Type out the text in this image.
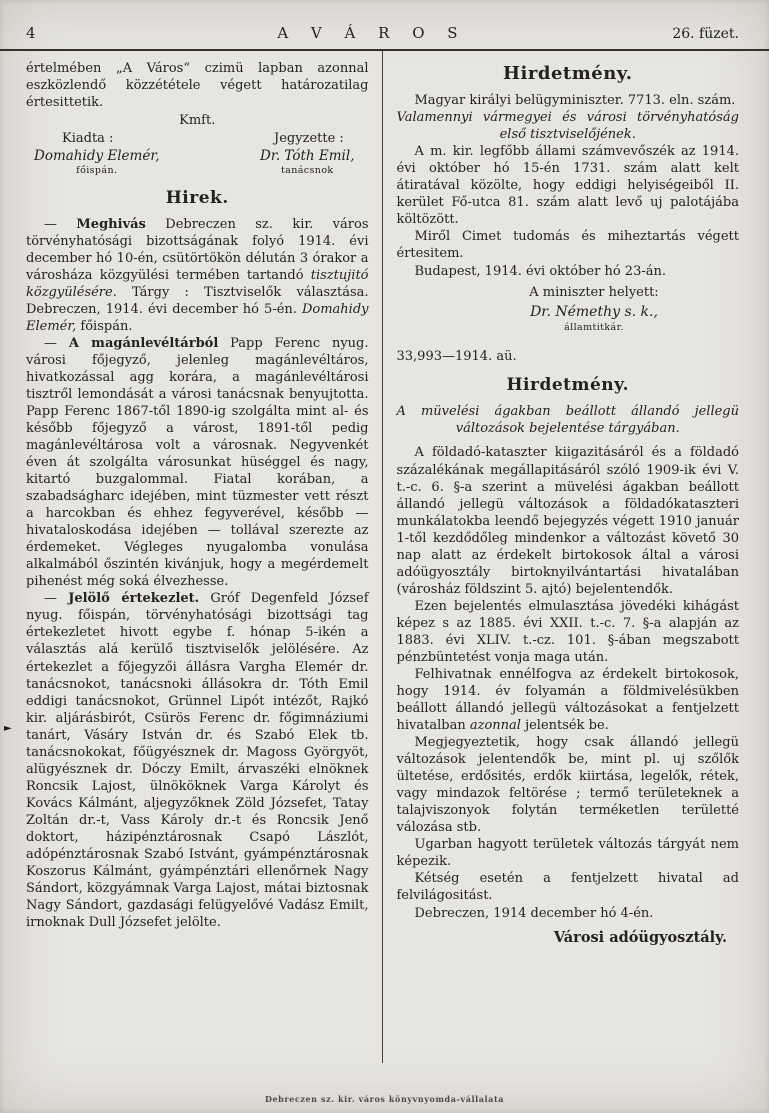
4	A V Á R O S	26. füzet.
►

értelmében „A Város“ czimü lapban azonnal eszközlendő közzététele végett határozatilag értesittetik.

Kmft.

Kiadta :
Domahidy Elemér,
főispán.
Jegyzette :
Dr. Tóth Emil,
tanácsnok
Hirek.

— Meghivás Debreczen sz. kir. város törvényhatósági bizottságának folyó 1914. évi december hó 10-én, csütörtökön délután 3 órakor a városháza közgyülési termében tartandó tisztujitó közgyülésére. Tárgy : Tisztviselők választása. Debreczen, 1914. évi december hó 5-én. Domahidy Elemér, főispán.

— A magánlevéltárból Papp Ferenc nyug. városi főjegyző, jelenleg magánlevéltáros, hivatkozással agg korára, a magánlevéltárosi tisztről lemondását a városi tanácsnak benyujtotta. Papp Ferenc 1867-től 1890-ig szolgálta mint al- és később főjegyző a várost, 1891-től pedig magánlevéltárosa volt a városnak. Negyvenkét éven át szolgálta városunkat hüséggel és nagy, kitartó buzgalommal. Fiatal korában, a szabadságharc idejében, mint tüzmester vett részt a harcokban és ehhez fegyverével, később — hivataloskodása idejében — tollával szerezte az érdemeket. Végleges nyugalomba vonulása alkalmából őszintén kivánjuk, hogy a megérdemelt pihenést még soká élvezhesse.

— Jelölő értekezlet. Gróf Degenfeld József nyug. főispán, törvényhatósági bizottsági tag értekezletet hivott egybe f. hónap 5-ikén a választás alá kerülő tisztviselők jelölésére. Az értekezlet a főjegyzői állásra Vargha Elemér dr. tanácsnokot, tanácsnoki állásokra dr. Tóth Emil eddigi tanácsnokot, Grünnel Lipót intézőt, Rajkó kir. aljárásbirót, Csürös Ferenc dr. főgimnáziumi tanárt, Vásáry István dr. és Szabó Elek tb. tanácsnokokat, főügyésznek dr. Magoss Györgyöt, alügyésznek dr. Dóczy Emilt, árvaszéki elnöknek Roncsik Lajost, ülnököknek Varga Károlyt és Kovács Kálmánt, aljegyzőknek Zöld Józsefet, Tatay Zoltán dr.-t, Vass Károly dr.-t és Roncsik Jenő doktort, házipénztárosnak Csapó Lászlót, adópénztárosnak Szabó Istvánt, gyámpénztárosnak Koszorus Kálmánt, gyámpénztári ellenőrnek Nagy Sándort, közgyámnak Varga Lajost, mátai biztosnak Nagy Sándort, gazdasági felügyelővé Vadász Emilt, irnoknak Dull Józsefet jelölte.

Hirdetmény.

Magyar királyi belügyminiszter. 7713. eln. szám.

Valamennyi vármegyei és városi törvényhatóság első tisztviselőjének.

A m. kir. legfőbb állami számvevőszék az 1914. évi október hó 15-én 1731. szám alatt kelt átiratával közölte, hogy eddigi helyiségeiből II. kerület Fő-utca 81. szám alatt levő uj palotájába költözött.

Miről Cimet tudomás és miheztartás végett értesitem.

Budapest, 1914. évi október hó 23-án.

A miniszter helyett:
Dr. Némethy s. k.,
államtitkár.

33,993—1914. aü.

Hirdetmény.

A müvelési ágakban beállott állandó jellegü változások bejelentése tárgyában.

A földadó-kataszter kiigazitásáról és a földadó százalékának megállapitásáról szóló 1909-ik évi V. t.-c. 6. §-a szerint a müvelési ágakban beállott állandó jellegü változások a földadókataszteri munkálatokba leendő bejegyzés végett 1910 január 1-től kezdődőleg mindenkor a változást követő 30 nap alatt az érdekelt birtokosok által a városi adóügyosztály birtoknyilvántartási hivatalában (városház földszint 5. ajtó) bejelentendők.

Ezen bejelentés elmulasztása jövedéki kihágást képez s az 1885. évi XXII. t.-c. 7. §-a alapján az 1883. évi XLIV. t.-cz. 101. §-ában megszabott pénzbüntetést vonja maga után.

Felhivatnak ennélfogva az érdekelt birtokosok, hogy 1914. év folyamán a földmivelésükben beállott állandó jellegü változásokat a fentjelzett hivatalban azonnal jelentsék be.

Megjegyeztetik, hogy csak állandó jellegü változások jelentendők be, mint pl. uj szőlők ültetése, erdősités, erdők kiirtása, legelők, rétek, vagy mindazok feltörése ; termő területeknek a talajviszonyok folytán terméketlen területté válozása stb.

Ugarban hagyott területek változás tárgyát nem képezik.

Kétség esetén a fentjelzett hivatal ad felvilágositást.

Debreczen, 1914 december hó 4-én.

Városi adóügyosztály.

Debreczen sz. kir. város könyvnyomda-vállalata
